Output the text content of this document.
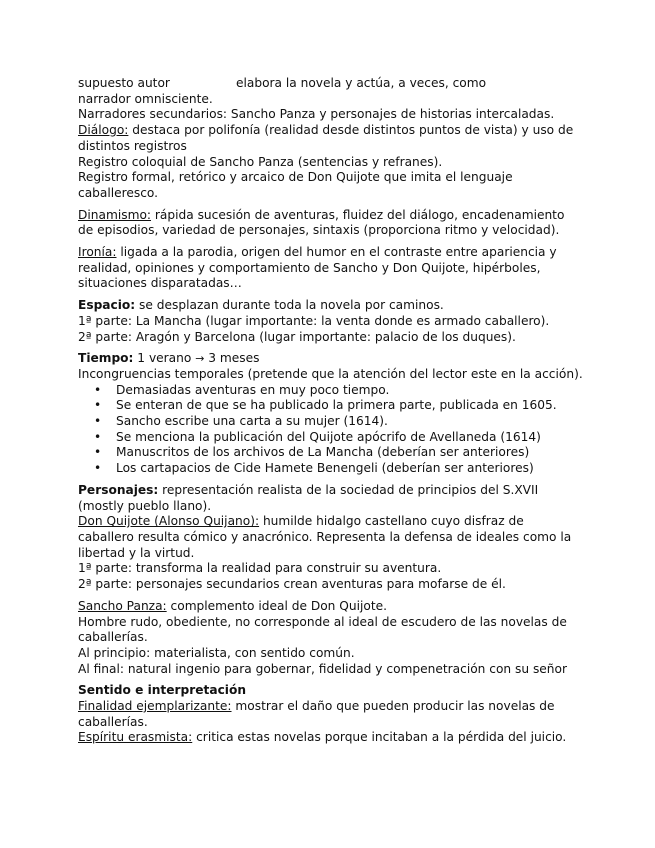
supuesto autor	elabora la novela y actúa, a veces, como
narrador omnisciente.
Narradores secundarios: Sancho Panza y personajes de historias intercaladas.
Diálogo: destaca por polifonía (realidad desde distintos puntos de vista) y uso de distintos registros
Registro coloquial de Sancho Panza (sentencias y refranes).
Registro formal, retórico y arcaico de Don Quijote que imita el lenguaje caballeresco.
Dinamismo: rápida sucesión de aventuras, fluidez del diálogo, encadenamiento de episodios, variedad de personajes, sintaxis (proporciona ritmo y velocidad).
Ironía: ligada a la parodia, origen del humor en el contraste entre apariencia y realidad, opiniones y comportamiento de Sancho y Don Quijote, hipérboles, situaciones disparatadas…
Espacio: se desplazan durante toda la novela por caminos.
1ª parte: La Mancha (lugar importante: la venta donde es armado caballero).
2ª parte: Aragón y Barcelona (lugar importante: palacio de los duques).
Tiempo: 1 verano → 3 meses
Incongruencias temporales (pretende que la atención del lector este en la acción).
• Demasiadas aventuras en muy poco tiempo.
• Se enteran de que se ha publicado la primera parte, publicada en 1605.
• Sancho escribe una carta a su mujer (1614).
• Se menciona la publicación del Quijote apócrifo de Avellaneda (1614)
• Manuscritos de los archivos de La Mancha (deberían ser anteriores)
• Los cartapacios de Cide Hamete Benengeli (deberían ser anteriores)
Personajes: representación realista de la sociedad de principios del S.XVII (mostly pueblo llano).
Don Quijote (Alonso Quijano): humilde hidalgo castellano cuyo disfraz de caballero resulta cómico y anacrónico. Representa la defensa de ideales como la libertad y la virtud.
1ª parte: transforma la realidad para construir su aventura.
2ª parte: personajes secundarios crean aventuras para mofarse de él.
Sancho Panza: complemento ideal de Don Quijote.
Hombre rudo, obediente, no corresponde al ideal de escudero de las novelas de caballerías.
Al principio: materialista, con sentido común.
Al final: natural ingenio para gobernar, fidelidad y compenetración con su señor
Sentido e interpretación
Finalidad ejemplarizante: mostrar el daño que pueden producir las novelas de caballerías.
Espíritu erasmista: critica estas novelas porque incitaban a la pérdida del juicio.
